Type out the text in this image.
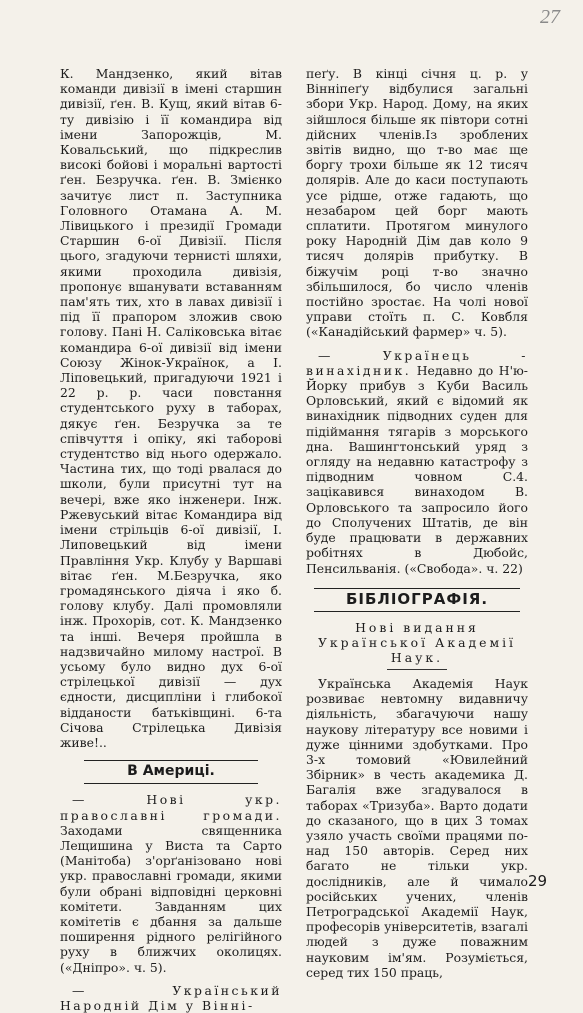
27

К. Мандзенко, який вітав команди дивізії в імені старшин дивізії, ґен. В. Кущ, який вітав 6-ту дивізію і її командира від імени Запорожців, М. Ковальський, що підкреслив високі бойові і моральні вартості ґен. Безручка. ґен. В. Змієнко зачитує лист п. Заступника Головного Отамана А. М. Лівицького і президії Громади Старшин 6-ої Дивізії. Після цього, згадуючи тернисті шляхи, якими проходила дивізія, пропонує вшанувати вставанням пам'ять тих, хто в лавах дивізії і під її прапором зложив свою голову. Пані Н. Саліковська вітає командира 6-ої дивізії від імени Союзу Жінок-Українок, а І. Ліповецький, пригадуючи 1921 і 22 р. р. часи повстання студентського руху в таборах, дякує ґен. Безручка за те співчуття і опіку, які таборові студентство від нього одержало. Частина тих, що тоді рвалася до школи, були присутні тут на вечері, вже яко інженери. Інж. Ржевуський вітає Командира від імени стрільців 6-ої дивізії, І. Липовецький від імени Правління Укр. Клубу у Варшаві вітає ґен. М.Безручка, яко громадянського діяча і яко б. голову клубу. Далі промовляли інж. Прохорів, сот. К. Мандзенко та інші. Вечеря пройшла в надзвичайно милому настрої. В усьому було видно дух 6-ої стрілецької дивізії — дух єдности, дисципліни і глибокої відданости батьківщині. 6-та Січова Стрілецька Дивізія живе!..

В Америці.

— Нові укр. православні громади. Заходами священника Лещишина у Виста та Сарто (Манітоба) з'орґанізовано нові укр. православні громади, якими були обрані відповідні церковні комітети. Завданням цих комітетів є дбання за дальше поширення рідного релігійного руху в ближчих околицях. («Дніпро». ч. 5).

— Український Народній Дім у Вінні-

пеґу. В кінці січня ц. р. у Вінніпеґу відбулися загальні збори Укр. Народ. Дому, на яких зійшлося більше як півтори сотні дійсних членів.Із зроблених звітів видно, що т-во має ще боргу трохи більше як 12 тисяч долярів. Але до каси поступають усе рідше, отже гадають, що незабаром цей борг мають сплатити. Протягом минулого року Народній Дім дав коло 9 тисяч долярів прибутку. В біжучім році т-во значно збільшилося, бо число членів постійно зростає. На чолі нової управи стоїть п. С. Ковбля («Канадійський фармер» ч. 5).

— Українець - винахідник. Недавно до Н'ю-Йорку прибув з Куби Василь Орловський, який є відомий як винахідник підводних суден для підіймання тягарів з морського дна. Вашингтонський уряд з огляду на недавню катастрофу з підводним човном С.4. зацікавився винаходом В. Орловського та запросило його до Сполучених Штатів, де він буде працювати в державних робітнях в Дюбойс, Пенсильванія. («Свобода». ч. 22)

БІБЛІОГРАФІЯ.
Нові видання Української Академії Наук.

Українська Академія Наук розвиває невтомну видавничу діяльність, збагачуючи нашу наукову літературу все новими і дуже цінними здобутками. Про 3-х томовий «Ювилейний Збірник» в честь академика Д. Багалія вже згадувалося в таборах «Тризуба». Варто додати до сказаного, що в цих 3 томах узяло участь своїми працями по-над 150 авторів. Серед них багато не тільки укр. дослідників, але й чимало російських учених, членів Петроградської Академії Наук, професорів університетів, взагалі людей з дуже поважним науковим ім'ям. Розуміється, серед тих 150 праць,

29
